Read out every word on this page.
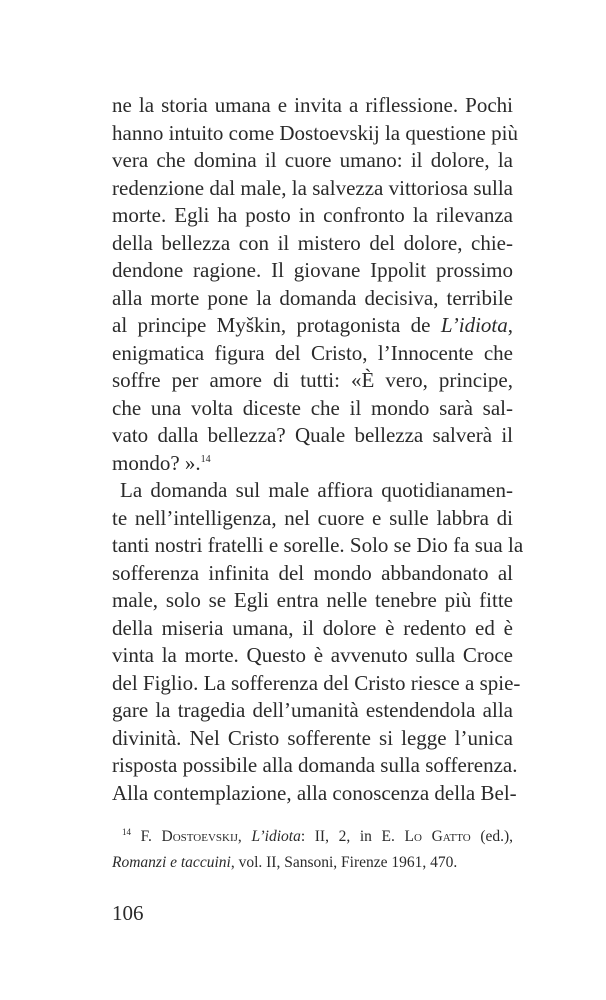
ne la storia umana e invita a riflessione. Pochi
hanno intuito come Dostoevskij la questione più
vera che domina il cuore umano: il dolore, la
redenzione dal male, la salvezza vittoriosa sulla
morte. Egli ha posto in confronto la rilevanza
della bellezza con il mistero del dolore, chie-
dendone ragione. Il giovane Ippolit prossimo
alla morte pone la domanda decisiva, terribile
al principe Myškin, protagonista de L’idiota,
enigmatica figura del Cristo, l’Innocente che
soffre per amore di tutti: «È vero, principe,
che una volta diceste che il mondo sarà sal-
vato dalla bellezza? Quale bellezza salverà il
mondo? ».$^{14}$
La domanda sul male affiora quotidianamen-
te nell’intelligenza, nel cuore e sulle labbra di
tanti nostri fratelli e sorelle. Solo se Dio fa sua la
sofferenza infinita del mondo abbandonato al
male, solo se Egli entra nelle tenebre più fitte
della miseria umana, il dolore è redento ed è
vinta la morte. Questo è avvenuto sulla Croce
del Figlio. La sofferenza del Cristo riesce a spie-
gare la tragedia dell’umanità estendendola alla
divinità. Nel Cristo sofferente si legge l’unica
risposta possibile alla domanda sulla sofferenza.
Alla contemplazione, alla conoscenza della Bel-
$^{14}$ F. Dostoevskij, L’idiota: II, 2, in E. Lo Gatto (ed.),
Romanzi e taccuini, vol. II, Sansoni, Firenze 1961, 470.
106
